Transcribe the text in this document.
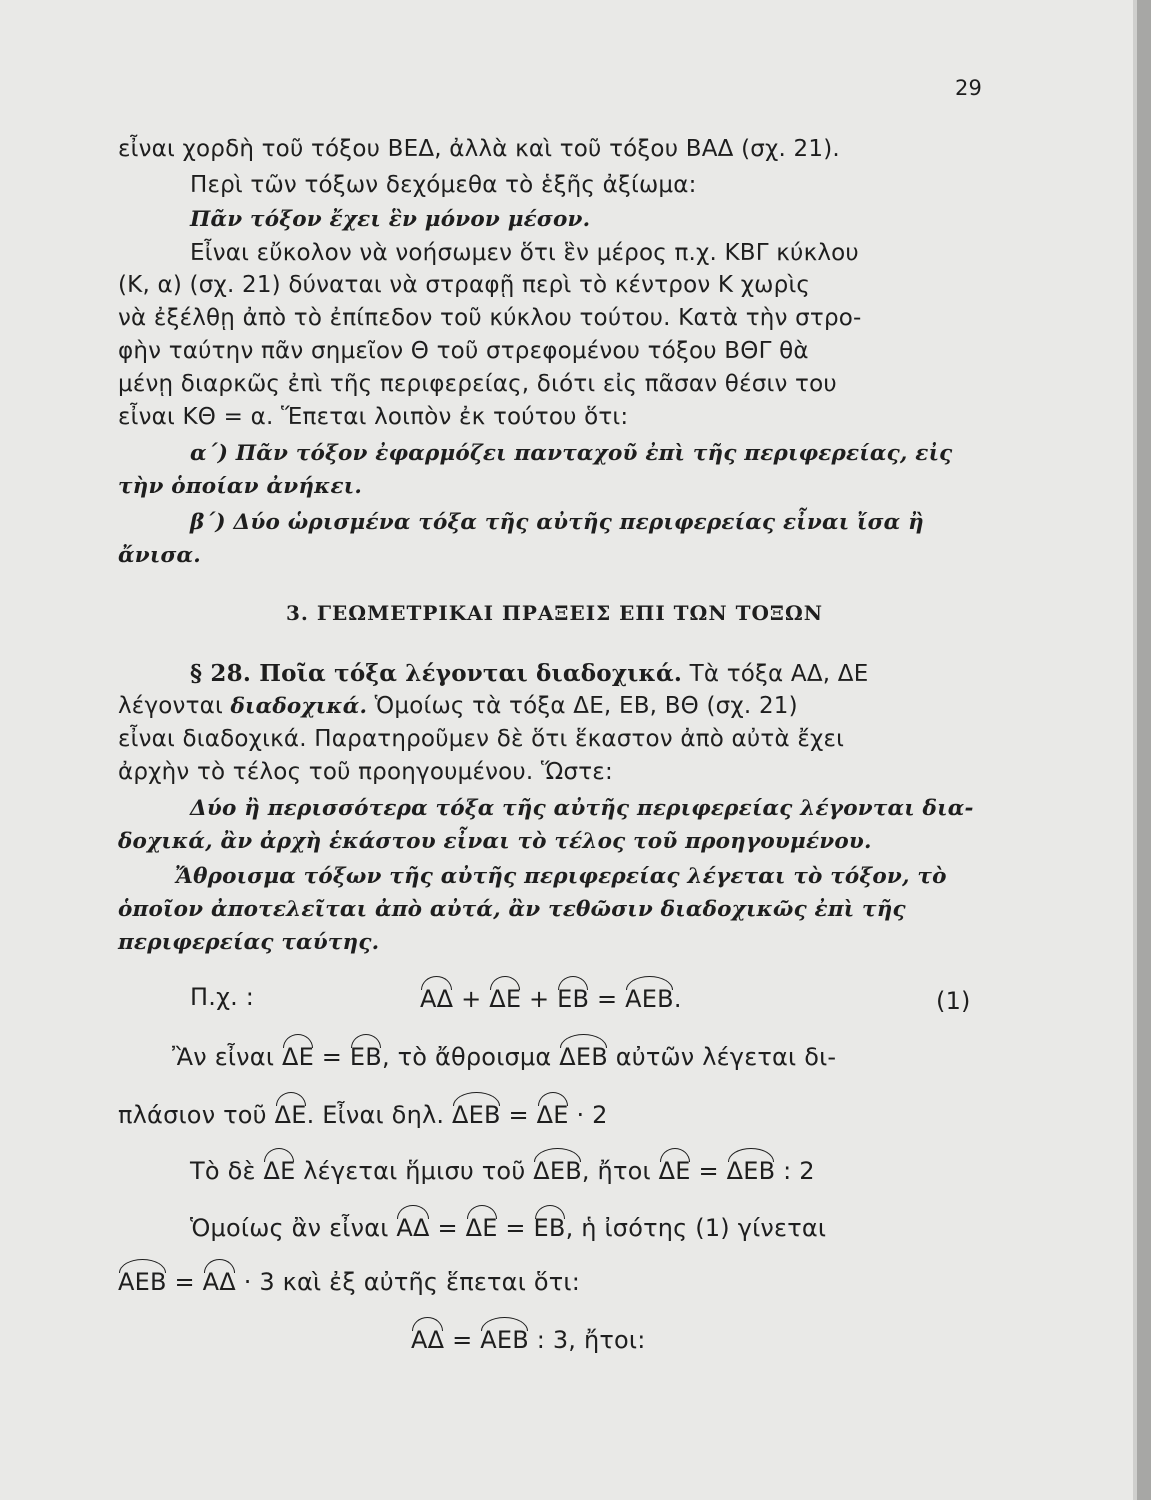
29
εἶναι χορδὴ τοῦ τόξου ΒΕΔ, ἀλλὰ καὶ τοῦ τόξου ΒΑΔ (σχ. 21).
Περὶ τῶν τόξων δεχόμεθα τὸ ἑξῆς ἀξίωμα:
Πᾶν τόξον ἔχει ἓν μόνον μέσον.
Εἶναι εὔκολον νὰ νοήσωμεν ὅτι ἓν μέρος π.χ. ΚΒΓ κύκλου
(Κ, α) (σχ. 21) δύναται νὰ στραφῇ περὶ τὸ κέντρον Κ χωρὶς
νὰ ἐξέλθῃ ἀπὸ τὸ ἐπίπεδον τοῦ κύκλου τούτου. Κατὰ τὴν στρο-
φὴν ταύτην πᾶν σημεῖον Θ τοῦ στρεφομένου τόξου ΒΘΓ θὰ
μένῃ διαρκῶς ἐπὶ τῆς περιφερείας, διότι εἰς πᾶσαν θέσιν του
εἶναι ΚΘ = α. Ἕπεται λοιπὸν ἐκ τούτου ὅτι:
α΄) Πᾶν τόξον ἐφαρμόζει πανταχοῦ ἐπὶ τῆς περιφερείας, εἰς
τὴν ὁποίαν ἀνήκει.
β΄) Δύο ὡρισμένα τόξα τῆς αὐτῆς περιφερείας εἶναι ἴσα ἢ
ἄνισα.
3. ΓΕΩΜΕΤΡΙΚΑΙ ΠΡΑΞΕΙΣ ΕΠΙ ΤΩΝ ΤΟΞΩΝ
§ 28. Ποῖα τόξα λέγονται διαδοχικά. Τὰ τόξα ΑΔ, ΔΕ
λέγονται διαδοχικά. Ὁμοίως τὰ τόξα ΔΕ, ΕΒ, ΒΘ (σχ. 21)
εἶναι διαδοχικά. Παρατηροῦμεν δὲ ὅτι ἕκαστον ἀπὸ αὐτὰ ἔχει
ἀρχὴν τὸ τέλος τοῦ προηγουμένου. Ὥστε:
Δύο ἢ περισσότερα τόξα τῆς αὐτῆς περιφερείας λέγονται δια-
δοχικά, ἂν ἀρχὴ ἑκάστου εἶναι τὸ τέλος τοῦ προηγουμένου.
Ἄθροισμα τόξων τῆς αὐτῆς περιφερείας λέγεται τὸ τόξον, τὸ
ὁποῖον ἀποτελεῖται ἀπὸ αὐτά, ἂν τεθῶσιν διαδοχικῶς ἐπὶ τῆς
περιφερείας ταύτης.
Π.χ. :	ΑΔ + ΔΕ + ΕΒ = ΑΕΒ.	(1)
Ἂν εἶναι ΔΕ = ΕΒ, τὸ ἄθροισμα ΔΕΒ αὐτῶν λέγεται δι-
πλάσιον τοῦ ΔΕ. Εἶναι δηλ. ΔΕΒ = ΔΕ · 2
Τὸ δὲ ΔΕ λέγεται ἥμισυ τοῦ ΔΕΒ, ἤτοι ΔΕ = ΔΕΒ : 2
Ὁμοίως ἂν εἶναι ΑΔ = ΔΕ = ΕΒ, ἡ ἰσότης (1) γίνεται
ΑΕΒ = ΑΔ · 3 καὶ ἐξ αὐτῆς ἕπεται ὅτι:
ΑΔ = ΑΕΒ : 3, ἤτοι:
